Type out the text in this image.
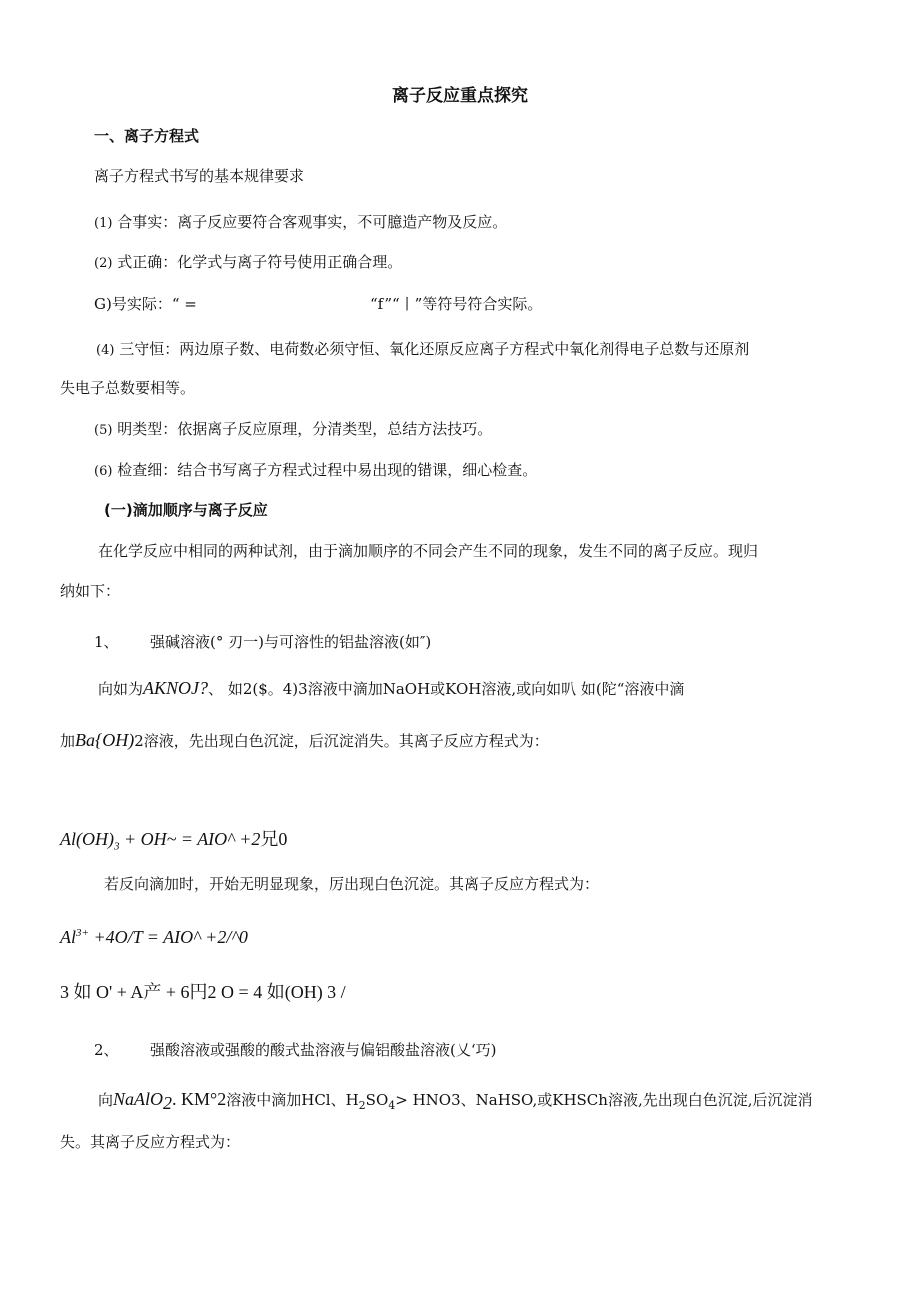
离子反应重点探究
一、离子方程式
离子方程式书写的基本规律要求
(1) 合事实：离子反应要符合客观事实，不可臆造产物及反应。
(2) 式正确：化学式与离子符号使用正确合理。
G)号实际：“ =	“f”“丨”等符号符合实际。
(4) 三守恒：两边原子数、电荷数必须守恒、氧化还原反应离子方程式中氧化剂得电子总数与还原剂
失电子总数要相等。
(5) 明类型：依据离子反应原理，分清类型，总结方法技巧。
(6) 检查细：结合书写离子方程式过程中易出现的错课，细心检查。
(一)滴加顺序与离子反应
在化学反应中相同的两种试剂，由于滴加顺序的不同会产生不同的现象，发生不同的离子反应。现归
纳如下：
1、 强碱溶液(° 刃一)与可溶性的铝盐溶液(如″)
向如为AKNOJ?、 如2($。4)3溶液中滴加NaOH或KOH溶液,或向如叭 如(陀“溶液中滴
加Ba{OH)2溶液，先出现白色沉淀，后沉淀消失。其离子反应方程式为：
$Al(OH)_3$ + OH~ = AIO^ +2兄0
若反向滴加时，开始无明显现象，厉出现白色沉淀。其离子反应方程式为：
$Al^{3+} +4O/T$ = AIO^ +2/^0
3 如 O' + A产 + 6円2 O = 4 如(OH) 3 /
2、 强酸溶液或强酸的酸式盐溶液与偏铝酸盐溶液(乂‘巧)
向NaAlO$_2$. KM°2溶液中滴加HCl、$H_2SO_4> HNO3$、NaHSO,或KHSCh溶液,先出现白色沉淀,后沉淀消
失。其离子反应方程式为：
